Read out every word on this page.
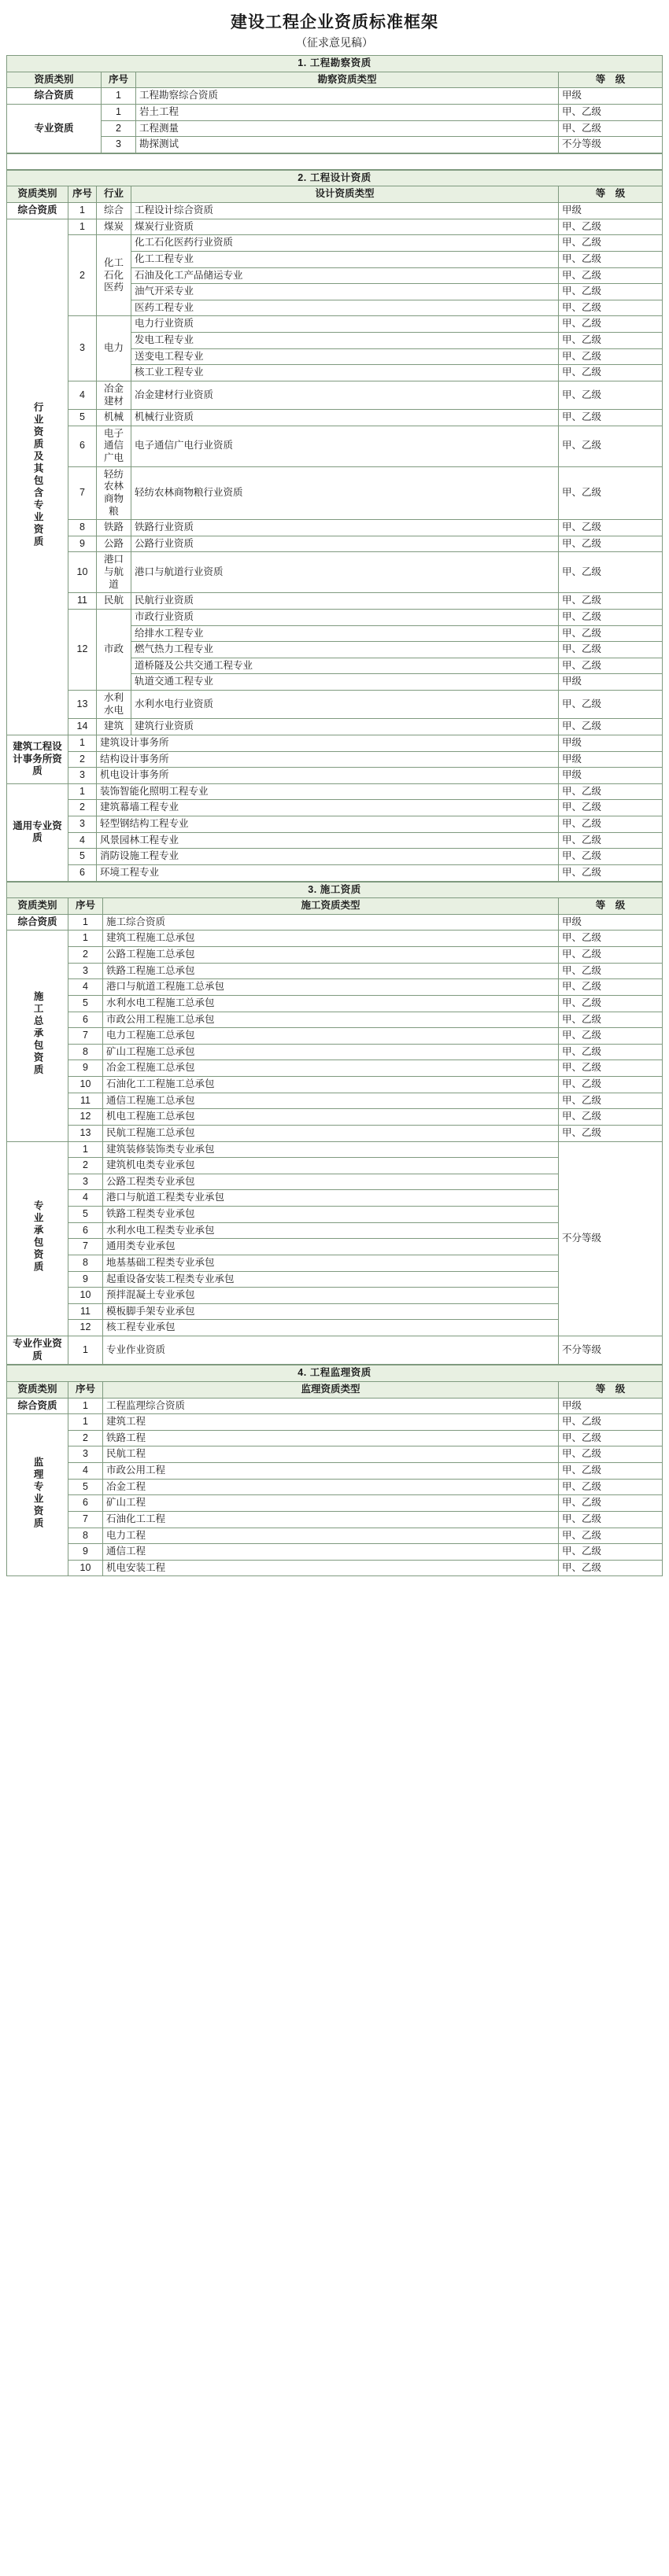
建设工程企业资质标准框架
（征求意见稿）
1. 工程勘察资质			
资质类别	序号	勘察资质类型	等　级
综合资质	1	工程勘察综合资质	甲级
专业资质	1	岩土工程	甲、乙级
	2	工程测量	甲、乙级
	3	勘探测试	不分等级
2. 工程设计资质				
资质类别	序号	行业	设计资质类型	等　级
综合资质	1	综合	工程设计综合资质	甲级
行业资质及其包含专业资质	1	煤炭	煤炭行业资质	甲、乙级
	2	化工石化医药	化工石化医药行业资质	甲、乙级
			化工工程专业	甲、乙级
			石油及化工产品储运专业	甲、乙级
			油气开采专业	甲、乙级
			医药工程专业	甲、乙级
	3	电力	电力行业资质	甲、乙级
			发电工程专业	甲、乙级
			送变电工程专业	甲、乙级
			核工业工程专业	甲、乙级
	4	冶金建材	冶金建材行业资质	甲、乙级
	5	机械	机械行业资质	甲、乙级
	6	电子通信广电	电子通信广电行业资质	甲、乙级
	7	轻纺农林商物粮	轻纺农林商物粮行业资质	甲、乙级
	8	铁路	铁路行业资质	甲、乙级
	9	公路	公路行业资质	甲、乙级
	10	港口与航道	港口与航道行业资质	甲、乙级
	11	民航	民航行业资质	甲、乙级
	12	市政	市政行业资质	甲、乙级
			给排水工程专业	甲、乙级
			燃气热力工程专业	甲、乙级
			道桥隧及公共交通工程专业	甲、乙级
			轨道交通工程专业	甲级
	13	水利水电	水利水电行业资质	甲、乙级
	14	建筑	建筑行业资质	甲、乙级
建筑工程设计事务所资质	1	建筑设计事务所		甲级
	2	结构设计事务所		甲级
	3	机电设计事务所		甲级
通用专业资质	1	装饰智能化照明工程专业		甲、乙级
	2	建筑幕墙工程专业		甲、乙级
	3	轻型钢结构工程专业		甲、乙级
	4	风景园林工程专业		甲、乙级
	5	消防设施工程专业		甲、乙级
	6	环境工程专业		甲、乙级
3. 施工资质			
资质类别	序号	施工资质类型	等　级
综合资质	1	施工综合资质	甲级
施工总承包资质	1	建筑工程施工总承包	甲、乙级
	2	公路工程施工总承包	甲、乙级
	3	铁路工程施工总承包	甲、乙级
	4	港口与航道工程施工总承包	甲、乙级
	5	水利水电工程施工总承包	甲、乙级
	6	市政公用工程施工总承包	甲、乙级
	7	电力工程施工总承包	甲、乙级
	8	矿山工程施工总承包	甲、乙级
	9	冶金工程施工总承包	甲、乙级
	10	石油化工工程施工总承包	甲、乙级
	11	通信工程施工总承包	甲、乙级
	12	机电工程施工总承包	甲、乙级
	13	民航工程施工总承包	甲、乙级
专业承包资质	1	建筑装修装饰类专业承包	不分等级
	2	建筑机电类专业承包	
	3	公路工程类专业承包	
	4	港口与航道工程类专业承包	
	5	铁路工程类专业承包	
	6	水利水电工程类专业承包	
	7	通用类专业承包	
	8	地基基础工程类专业承包	
	9	起重设备安装工程类专业承包	
	10	预拌混凝土专业承包	
	11	模板脚手架专业承包	
	12	核工程专业承包	
专业作业资质	1	专业作业资质	不分等级
4. 工程监理资质			
资质类别	序号	监理资质类型	等　级
综合资质	1	工程监理综合资质	甲级
监理专业资质	1	建筑工程	甲、乙级
	2	铁路工程	甲、乙级
	3	民航工程	甲、乙级
	4	市政公用工程	甲、乙级
	5	冶金工程	甲、乙级
	6	矿山工程	甲、乙级
	7	石油化工工程	甲、乙级
	8	电力工程	甲、乙级
	9	通信工程	甲、乙级
	10	机电安装工程	甲、乙级
